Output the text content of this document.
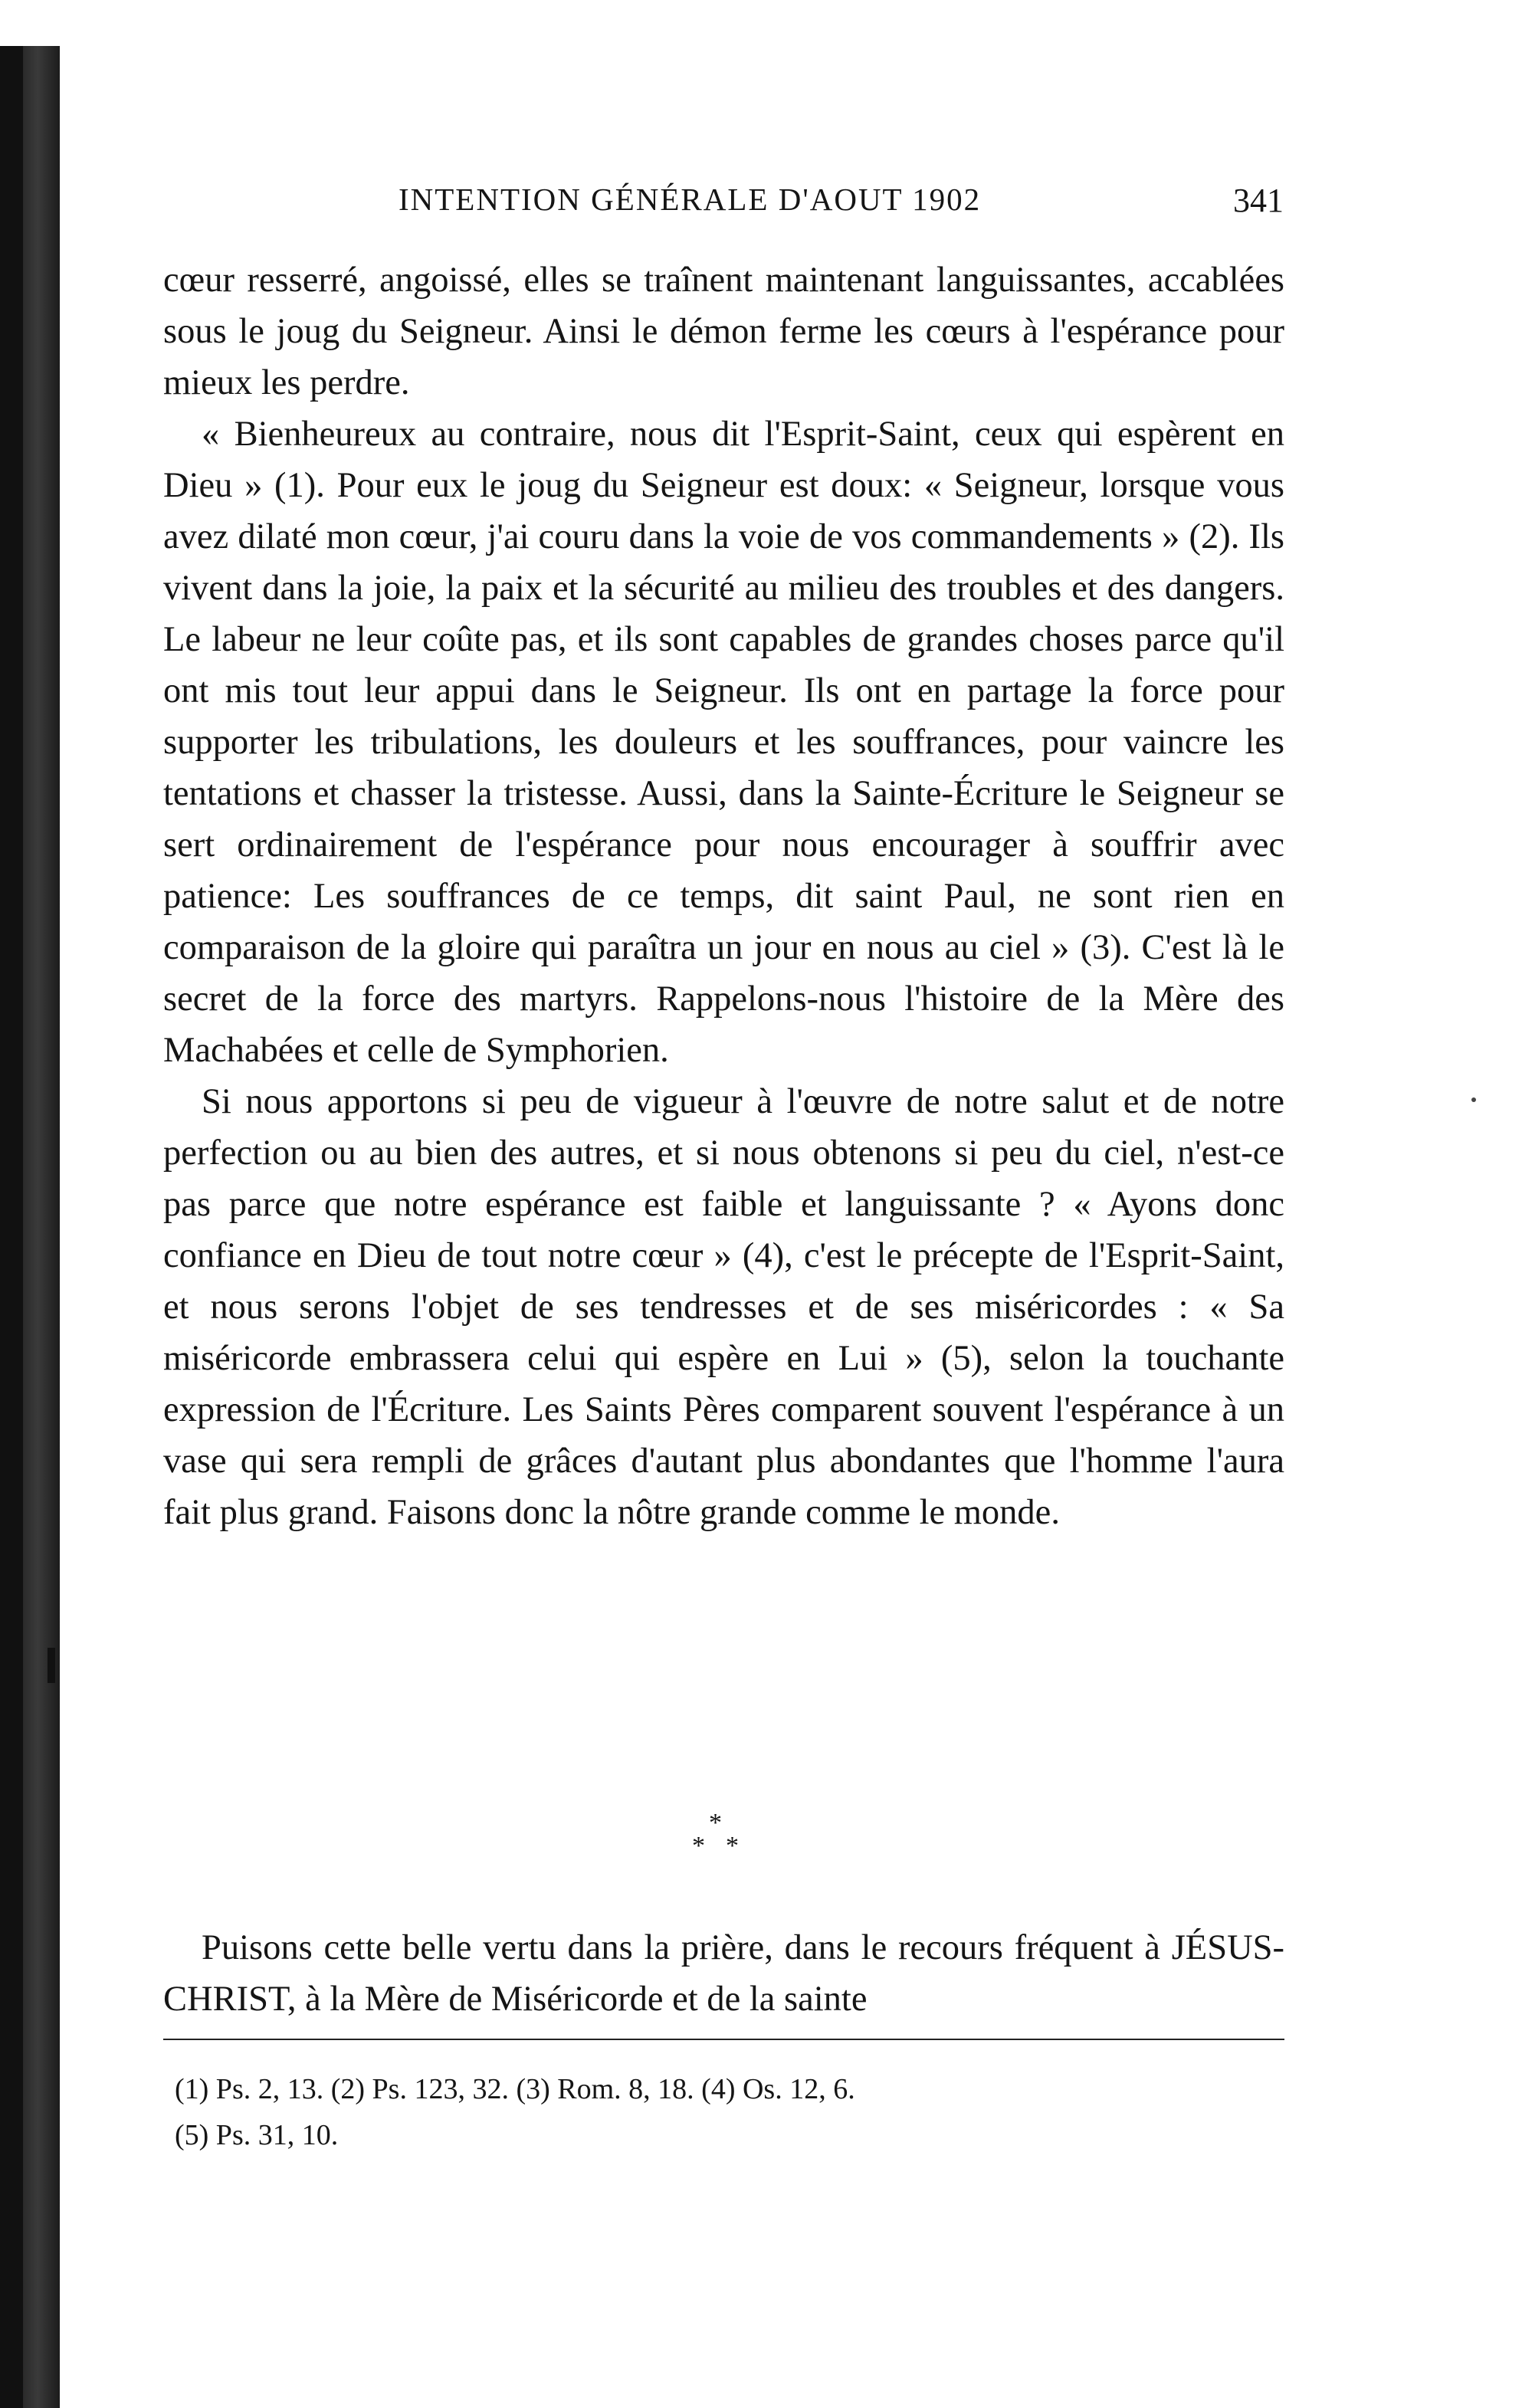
INTENTION GÉNÉRALE D'AOUT 1902	341

cœur resserré, angoissé, elles se traînent maintenant languissantes, accablées sous le joug du Seigneur. Ainsi le démon ferme les cœurs à l'espérance pour mieux les perdre.

« Bienheureux au contraire, nous dit l'Esprit-Saint, ceux qui espèrent en Dieu » (1). Pour eux le joug du Seigneur est doux: « Seigneur, lorsque vous avez dilaté mon cœur, j'ai couru dans la voie de vos commandements » (2). Ils vivent dans la joie, la paix et la sécurité au milieu des troubles et des dangers. Le labeur ne leur coûte pas, et ils sont capables de grandes choses parce qu'il ont mis tout leur appui dans le Seigneur. Ils ont en partage la force pour supporter les tribulations, les douleurs et les souffrances, pour vaincre les tentations et chasser la tristesse. Aussi, dans la Sainte-Écriture le Seigneur se sert ordinairement de l'espérance pour nous encourager à souffrir avec patience: Les souffrances de ce temps, dit saint Paul, ne sont rien en comparaison de la gloire qui paraîtra un jour en nous au ciel » (3). C'est là le secret de la force des martyrs. Rappelons-nous l'histoire de la Mère des Machabées et celle de Symphorien.

Si nous apportons si peu de vigueur à l'œuvre de notre salut et de notre perfection ou au bien des autres, et si nous obtenons si peu du ciel, n'est-ce pas parce que notre espérance est faible et languissante ? « Ayons donc confiance en Dieu de tout notre cœur » (4), c'est le précepte de l'Esprit-Saint, et nous serons l'objet de ses tendresses et de ses miséricordes : « Sa miséricorde embrassera celui qui espère en Lui » (5), selon la touchante expression de l'Écriture. Les Saints Pères comparent souvent l'espérance à un vase qui sera rempli de grâces d'autant plus abondantes que l'homme l'aura fait plus grand. Faisons donc la nôtre grande comme le monde.

*
* *

Puisons cette belle vertu dans la prière, dans le recours fréquent à JÉSUS-CHRIST, à la Mère de Miséricorde et de la sainte

(1) Ps. 2, 13. (2) Ps. 123, 32. (3) Rom. 8, 18. (4) Os. 12, 6.
(5) Ps. 31, 10.
